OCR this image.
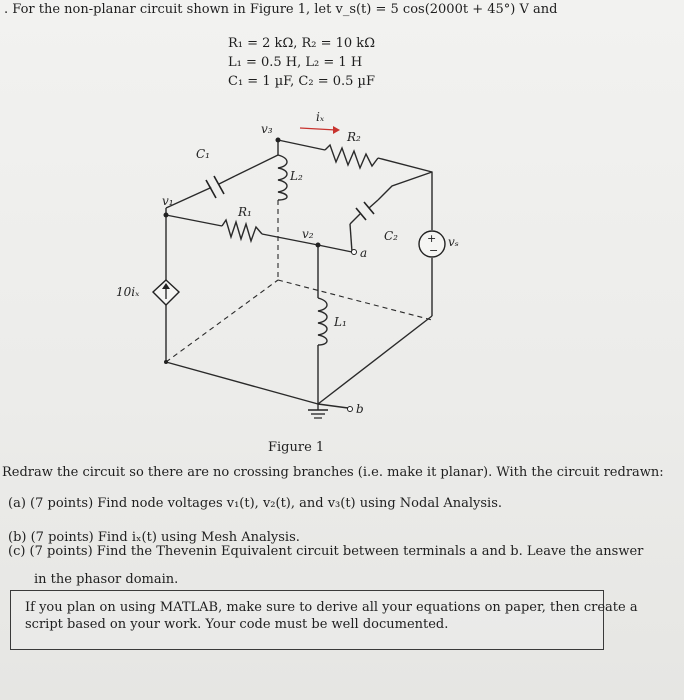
. For the non-planar circuit shown in Figure 1, let v_s(t) = 5 cos(2000t + 45°) V and
R₁ = 2 kΩ, R₂ = 10 kΩ
L₁ = 0.5 H, L₂ = 1 H
C₁ = 1 µF, C₂ = 0.5 µF
+
−
v₃
iₓ
R₂
C₁
L₂
v₁
R₁
v₂	C₂	vₛ
a
10iₓ
L₁
b
Figure 1
Redraw the circuit so there are no crossing branches (i.e. make it planar). With the circuit redrawn:
(a) (7 points) Find node voltages v₁(t), v₂(t), and v₃(t) using Nodal Analysis.
(b) (7 points) Find iₓ(t) using Mesh Analysis.
(c) (7 points) Find the Thevenin Equivalent circuit between terminals a and b. Leave the answer
in the phasor domain.
If you plan on using MATLAB, make sure to derive all your equations on paper, then create a
script based on your work. Your code must be well documented.
